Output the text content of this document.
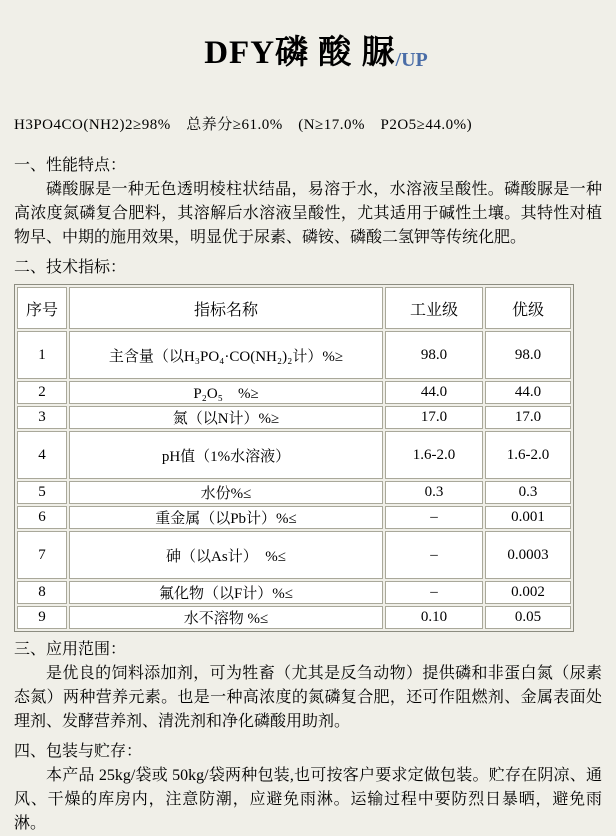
DFY磷 酸 脲/UP

H3PO4CO(NH2)2≥98%　总养分≥61.0%　(N≥17.0%　P2O5≥44.0%)
一、性能特点：

磷酸脲是一种无色透明棱柱状结晶，易溶于水，水溶液呈酸性。磷酸脲是一种高浓度氮磷复合肥料，其溶解后水溶液呈酸性，尤其适用于碱性土壤。其特性对植物早、中期的施用效果，明显优于尿素、磷铵、磷酸二氢钾等传统化肥。

二、技术指标：
序号	指标名称	工业级	优级
1	主含量（以H₃PO₄·CO(NH₂)₂计）%≥	98.0	98.0
2	P₂O₅　%≥	44.0	44.0
3	氮（以N计）%≥	17.0	17.0
4	pH值（1%水溶液）	1.6-2.0	1.6-2.0
5	水份%≤	0.3	0.3
6	重金属（以Pb计）%≤	–	0.001
7	砷（以As计）　%≤	–	0.0003
8	氟化物（以F计）%≤	–	0.002
9	水不溶物 %≤	0.10	0.05
三、应用范围：

是优良的饲料添加剂，可为牲畜（尤其是反刍动物）提供磷和非蛋白氮（尿素态氮）两种营养元素。也是一种高浓度的氮磷复合肥，还可作阻燃剂、金属表面处理剂、发酵营养剂、清洗剂和净化磷酸用助剂。

四、包装与贮存：

本产品 25kg/袋或 50kg/袋两种包装,也可按客户要求定做包装。贮存在阴凉、通风、干燥的库房内，注意防潮，应避免雨淋。运输过程中要防烈日暴晒，避免雨淋。
